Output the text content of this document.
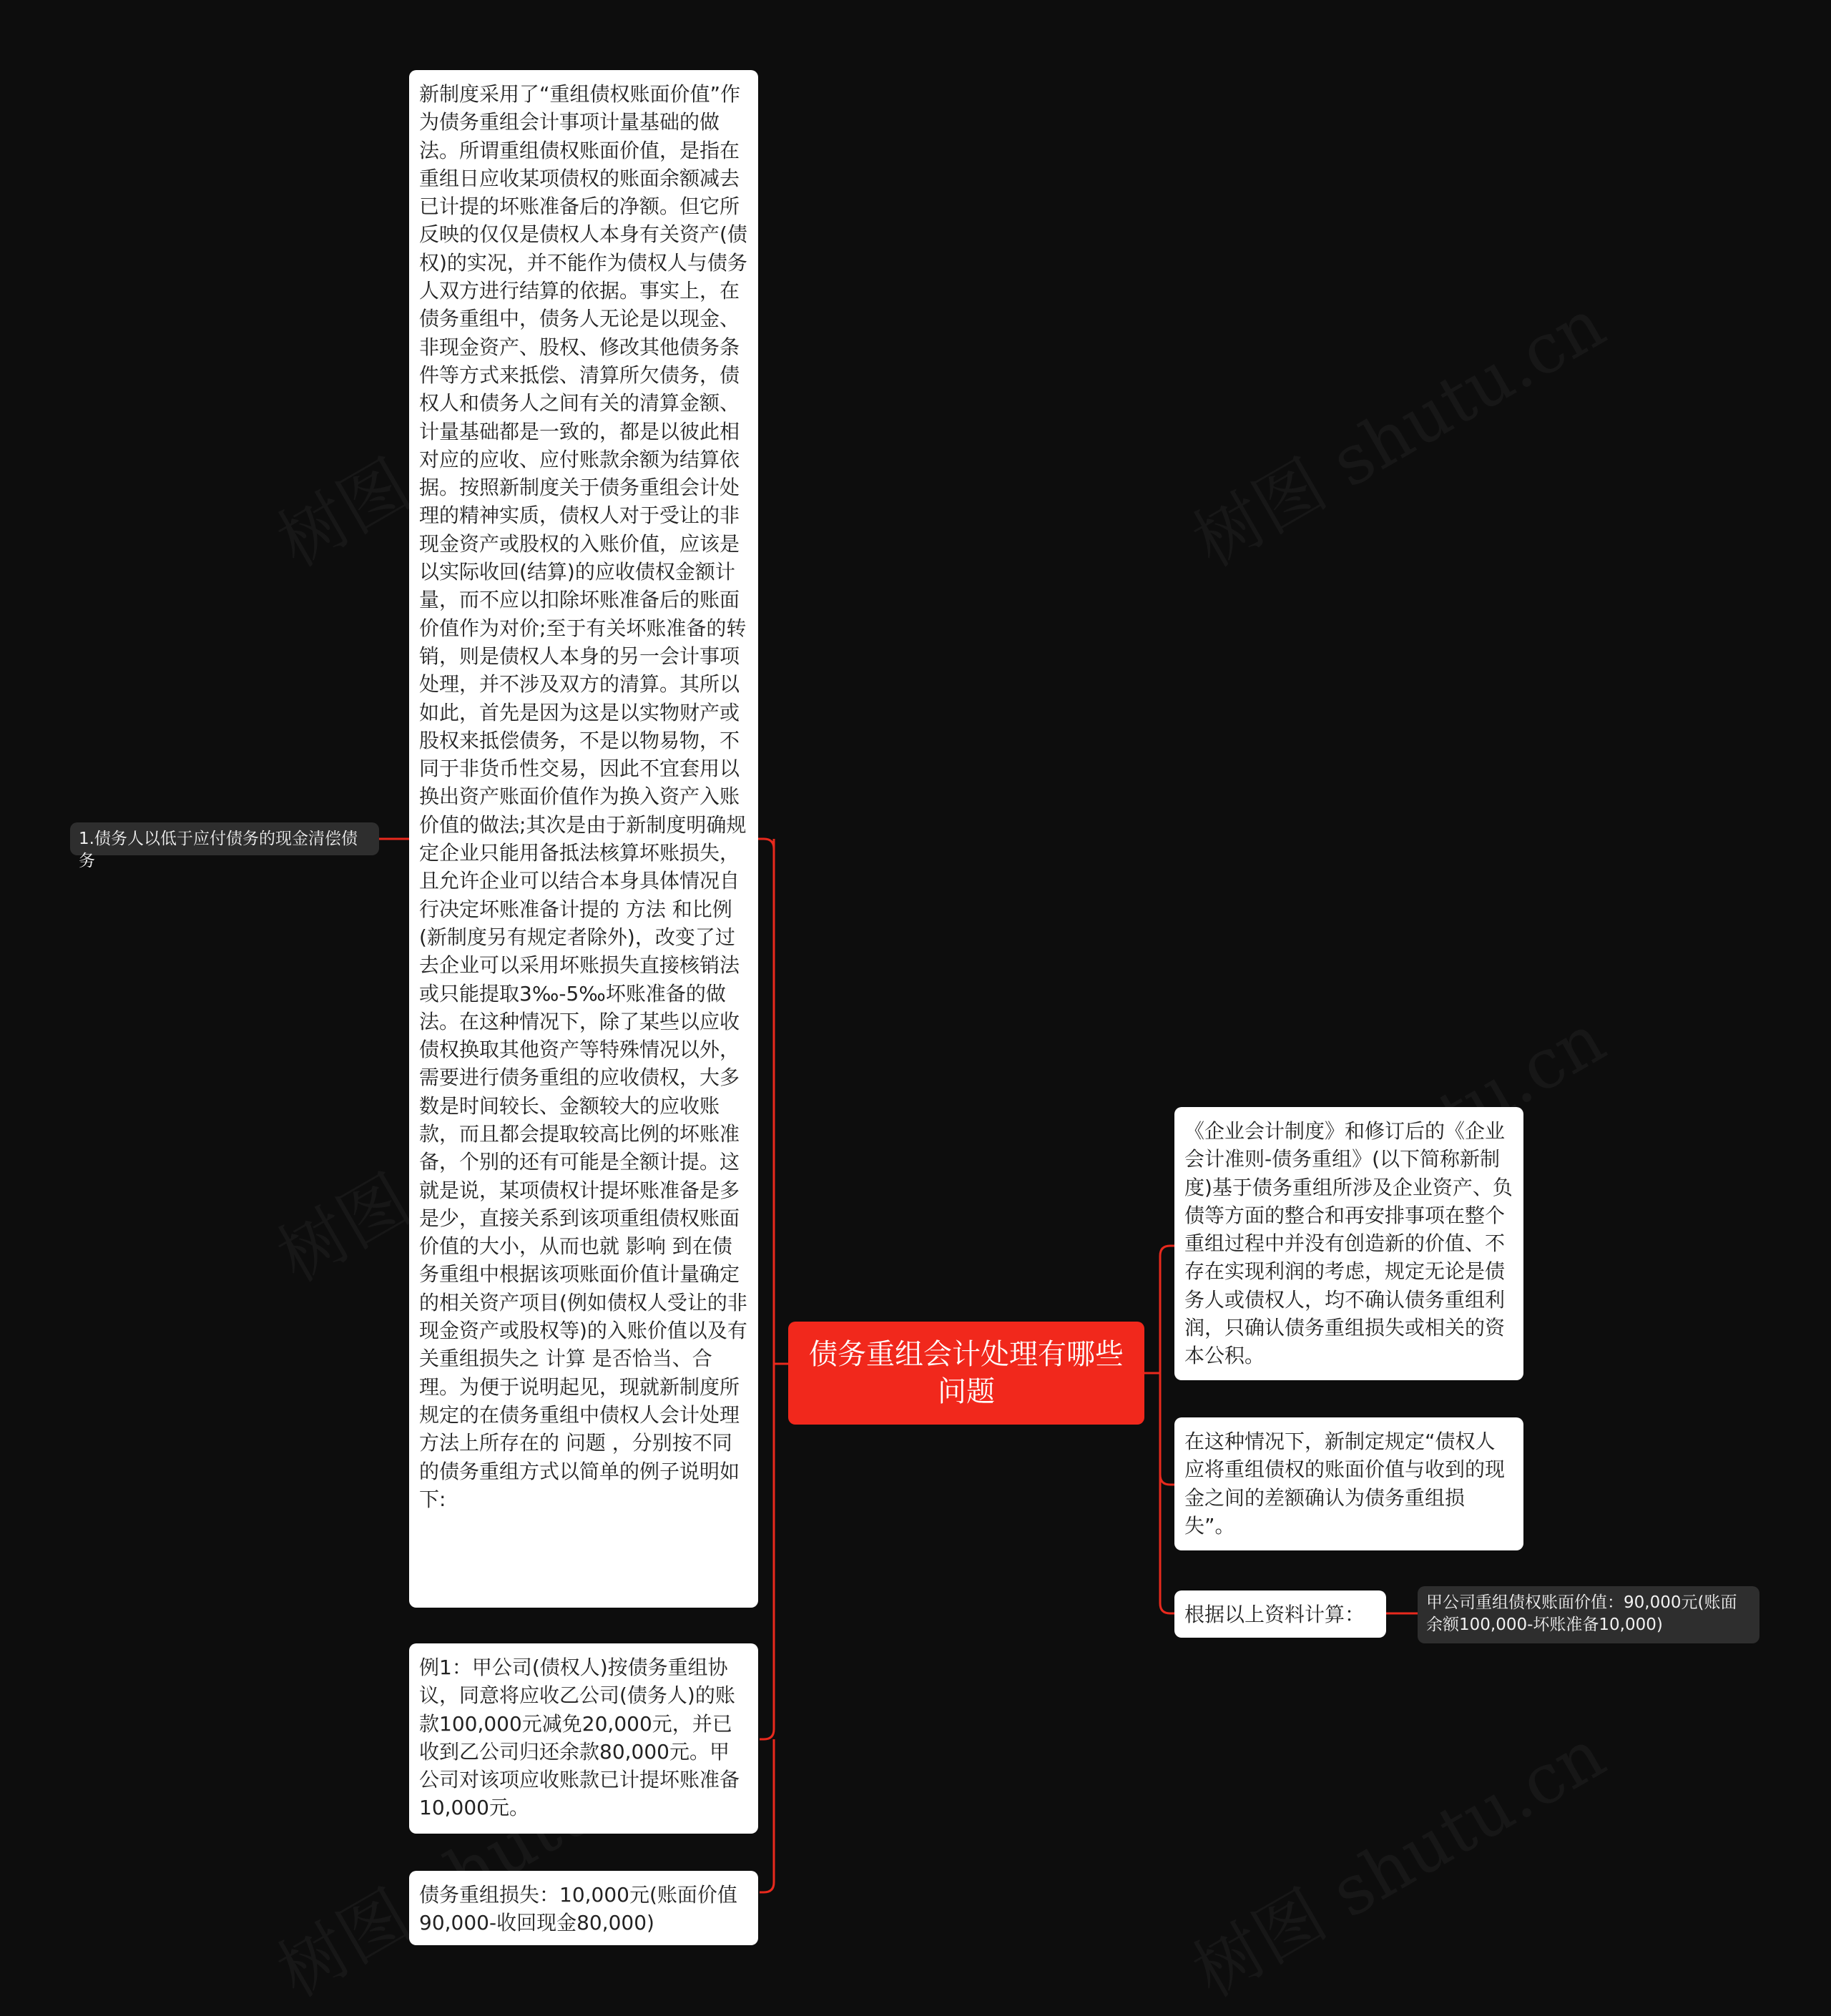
债务重组会计处理有哪些问题
1.债务人以低于应付债务的现金清偿债务
新制度采用了“重组债权账面价值”作为债务重组会计事项计量基础的做法。所谓重组债权账面价值，是指在重组日应收某项债权的账面余额减去已计提的坏账准备后的净额。但它所反映的仅仅是债权人本身有关资产(债权)的实况，并不能作为债权人与债务人双方进行结算的依据。事实上，在债务重组中，债务人无论是以现金、非现金资产、股权、修改其他债务条件等方式来抵偿、清算所欠债务，债权人和债务人之间有关的清算金额、计量基础都是一致的，都是以彼此相对应的应收、应付账款余额为结算依据。按照新制度关于债务重组会计处理的精神实质，债权人对于受让的非现金资产或股权的入账价值，应该是以实际收回(结算)的应收债权金额计量，而不应以扣除坏账准备后的账面价值作为对价;至于有关坏账准备的转销，则是债权人本身的另一会计事项处理，并不涉及双方的清算。其所以如此，首先是因为这是以实物财产或股权来抵偿债务，不是以物易物，不同于非货币性交易，因此不宜套用以换出资产账面价值作为换入资产入账价值的做法;其次是由于新制度明确规定企业只能用备抵法核算坏账损失，且允许企业可以结合本身具体情况自行决定坏账准备计提的 方法 和比例(新制度另有规定者除外)，改变了过去企业可以采用坏账损失直接核销法或只能提取3‰-5‰坏账准备的做法。在这种情况下，除了某些以应收债权换取其他资产等特殊情况以外，需要进行债务重组的应收债权，大多数是时间较长、金额较大的应收账款，而且都会提取较高比例的坏账准备，个别的还有可能是全额计提。这就是说，某项债权计提坏账准备是多是少，直接关系到该项重组债权账面价值的大小，从而也就 影响 到在债务重组中根据该项账面价值计量确定的相关资产项目(例如债权人受让的非现金资产或股权等)的入账价值以及有关重组损失之 计算 是否恰当、合理。为便于说明起见，现就新制度所规定的在债务重组中债权人会计处理方法上所存在的 问题 ，分别按不同的债务重组方式以简单的例子说明如下:
例1：甲公司(债权人)按债务重组协议，同意将应收乙公司(债务人)的账款100,000元减免20,000元，并已收到乙公司归还余款80,000元。甲公司对该项应收账款已计提坏账准备10,000元。
债务重组损失：10,000元(账面价值90,000-收回现金80,000)
《企业会计制度》和修订后的《企业会计准则-债务重组》(以下简称新制度)基于债务重组所涉及企业资产、负债等方面的整合和再安排事项在整个重组过程中并没有创造新的价值、不存在实现利润的考虑，规定无论是债务人或债权人，均不确认债务重组利润，只确认债务重组损失或相关的资本公积。
在这种情况下，新制定规定“债权人应将重组债权的账面价值与收到的现金之间的差额确认为债务重组损失”。
根据以上资料计算：	甲公司重组债权账面价值：90,000元(账面余额100,000-坏账准备10,000)
